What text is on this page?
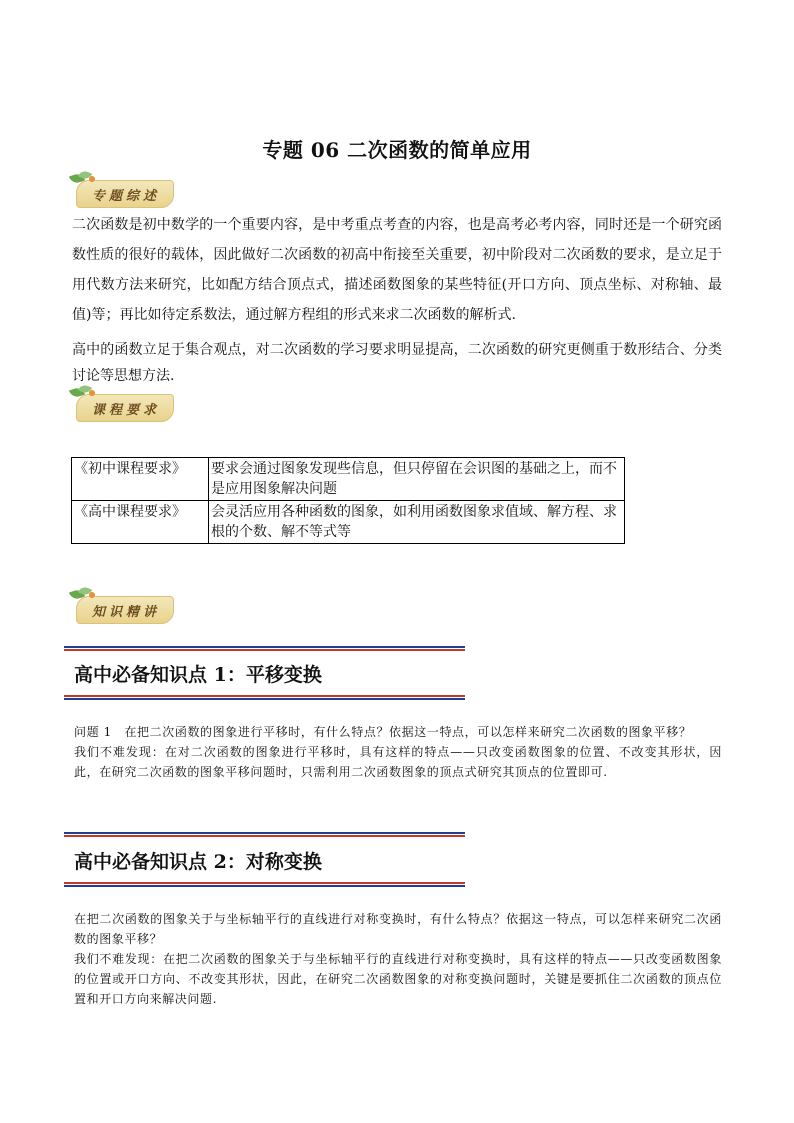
专题 06 二次函数的简单应用
专题综述
二次函数是初中数学的一个重要内容，是中考重点考查的内容，也是高考必考内容，同时还是一个研究函数性质的很好的载体，因此做好二次函数的初高中衔接至关重要，初中阶段对二次函数的要求，是立足于用代数方法来研究，比如配方结合顶点式，描述函数图象的某些特征(开口方向、顶点坐标、对称轴、最值)等；再比如待定系数法，通过解方程组的形式来求二次函数的解析式.
高中的函数立足于集合观点，对二次函数的学习要求明显提高，二次函数的研究更侧重于数形结合、分类讨论等思想方法.
课程要求
《初中课程要求》	要求会通过图象发现些信息，但只停留在会识图的基础之上，而不是应用图象解决问题
《高中课程要求》	会灵活应用各种函数的图象，如利用函数图象求值域、解方程、求根的个数、解不等式等
知识精讲
高中必备知识点 1：平移变换
问题 1　在把二次函数的图象进行平移时，有什么特点？依据这一特点，可以怎样来研究二次函数的图象平移？
我们不难发现：在对二次函数的图象进行平移时，具有这样的特点——只改变函数图象的位置、不改变其形状，因此，在研究二次函数的图象平移问题时，只需利用二次函数图象的顶点式研究其顶点的位置即可.
高中必备知识点 2：对称变换
在把二次函数的图象关于与坐标轴平行的直线进行对称变换时，有什么特点？依据这一特点，可以怎样来研究二次函数的图象平移？
我们不难发现：在把二次函数的图象关于与坐标轴平行的直线进行对称变换时，具有这样的特点——只改变函数图象的位置或开口方向、不改变其形状，因此，在研究二次函数图象的对称变换问题时，关键是要抓住二次函数的顶点位置和开口方向来解决问题.
